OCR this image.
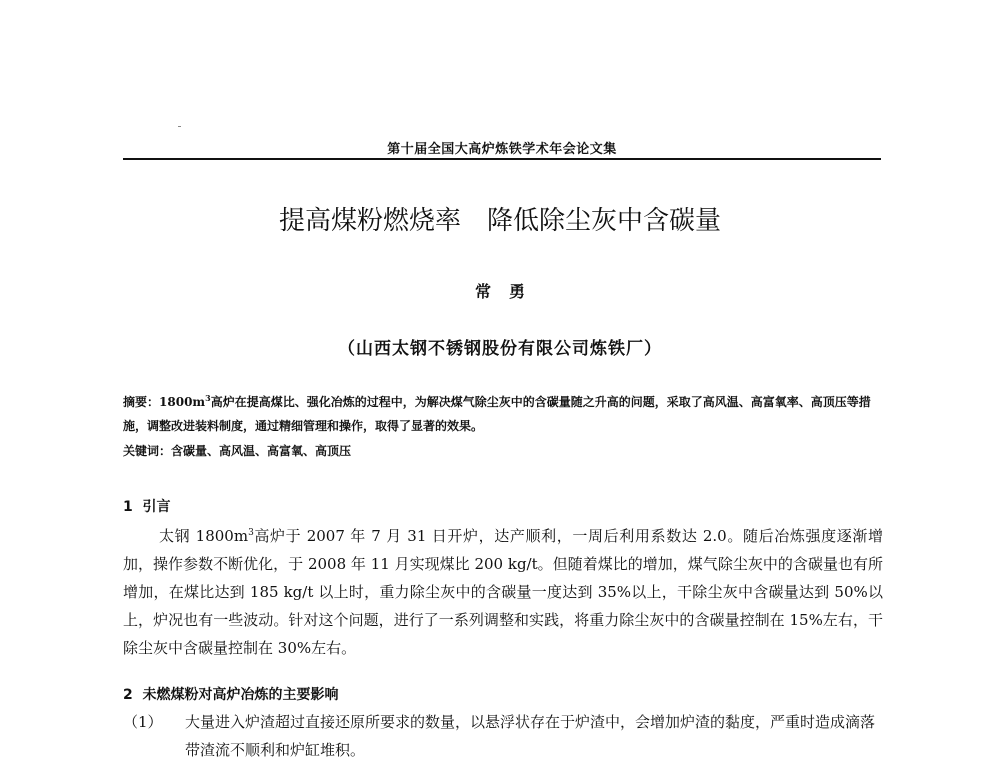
第十届全国大高炉炼铁学术年会论文集
提高煤粉燃烧率　降低除尘灰中含碳量
常勇
（山西太钢不锈钢股份有限公司炼铁厂）
摘要：$1800m^3$高炉在提高煤比、强化冶炼的过程中，为解决煤气除尘灰中的含碳量随之升高的问题，采取了高风温、高富氧率、高顶压等措施，调整改进装料制度，通过精细管理和操作，取得了显著的效果。
关键词：含碳量、高风温、高富氧、高顶压
1  引言
太钢 $1800m^3$高炉于 2007 年 7 月 31 日开炉，达产顺利，一周后利用系数达 2.0。随后冶炼强度逐渐增加，操作参数不断优化，于 2008 年 11 月实现煤比 200 kg/t。但随着煤比的增加，煤气除尘灰中的含碳量也有所增加，在煤比达到 185 kg/t 以上时，重力除尘灰中的含碳量一度达到 35%以上，干除尘灰中含碳量达到 50%以上，炉况也有一些波动。针对这个问题，进行了一系列调整和实践，将重力除尘灰中的含碳量控制在 15%左右，干除尘灰中含碳量控制在 30%左右。
2  未燃煤粉对高炉冶炼的主要影响
（1）	大量进入炉渣超过直接还原所要求的数量，以悬浮状存在于炉渣中，会增加炉渣的黏度，严重时造成滴落带渣流不顺利和炉缸堆积。
